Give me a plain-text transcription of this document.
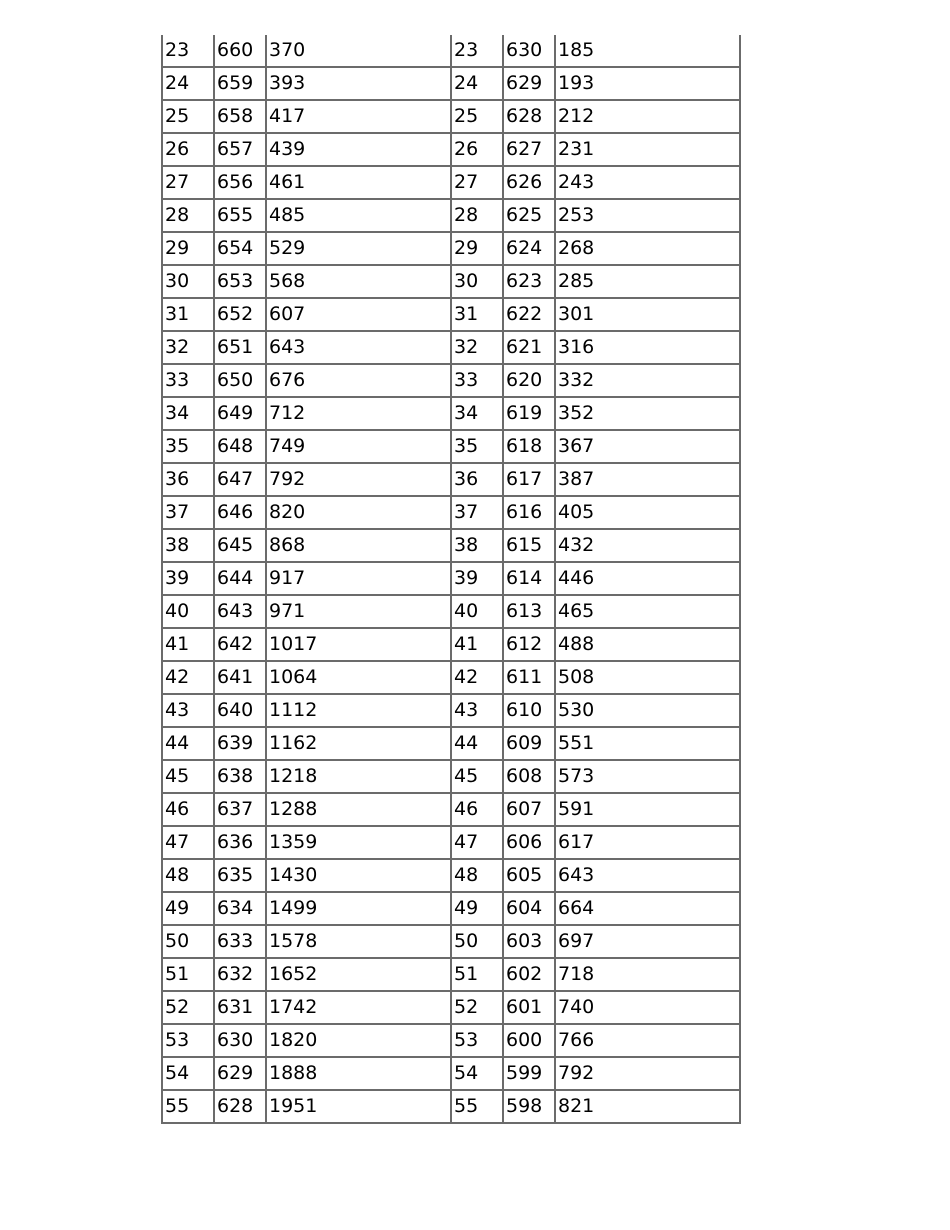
23	660	370	23	630	185
24	659	393	24	629	193
25	658	417	25	628	212
26	657	439	26	627	231
27	656	461	27	626	243
28	655	485	28	625	253
29	654	529	29	624	268
30	653	568	30	623	285
31	652	607	31	622	301
32	651	643	32	621	316
33	650	676	33	620	332
34	649	712	34	619	352
35	648	749	35	618	367
36	647	792	36	617	387
37	646	820	37	616	405
38	645	868	38	615	432
39	644	917	39	614	446
40	643	971	40	613	465
41	642	1017	41	612	488
42	641	1064	42	611	508
43	640	1112	43	610	530
44	639	1162	44	609	551
45	638	1218	45	608	573
46	637	1288	46	607	591
47	636	1359	47	606	617
48	635	1430	48	605	643
49	634	1499	49	604	664
50	633	1578	50	603	697
51	632	1652	51	602	718
52	631	1742	52	601	740
53	630	1820	53	600	766
54	629	1888	54	599	792
55	628	1951	55	598	821
